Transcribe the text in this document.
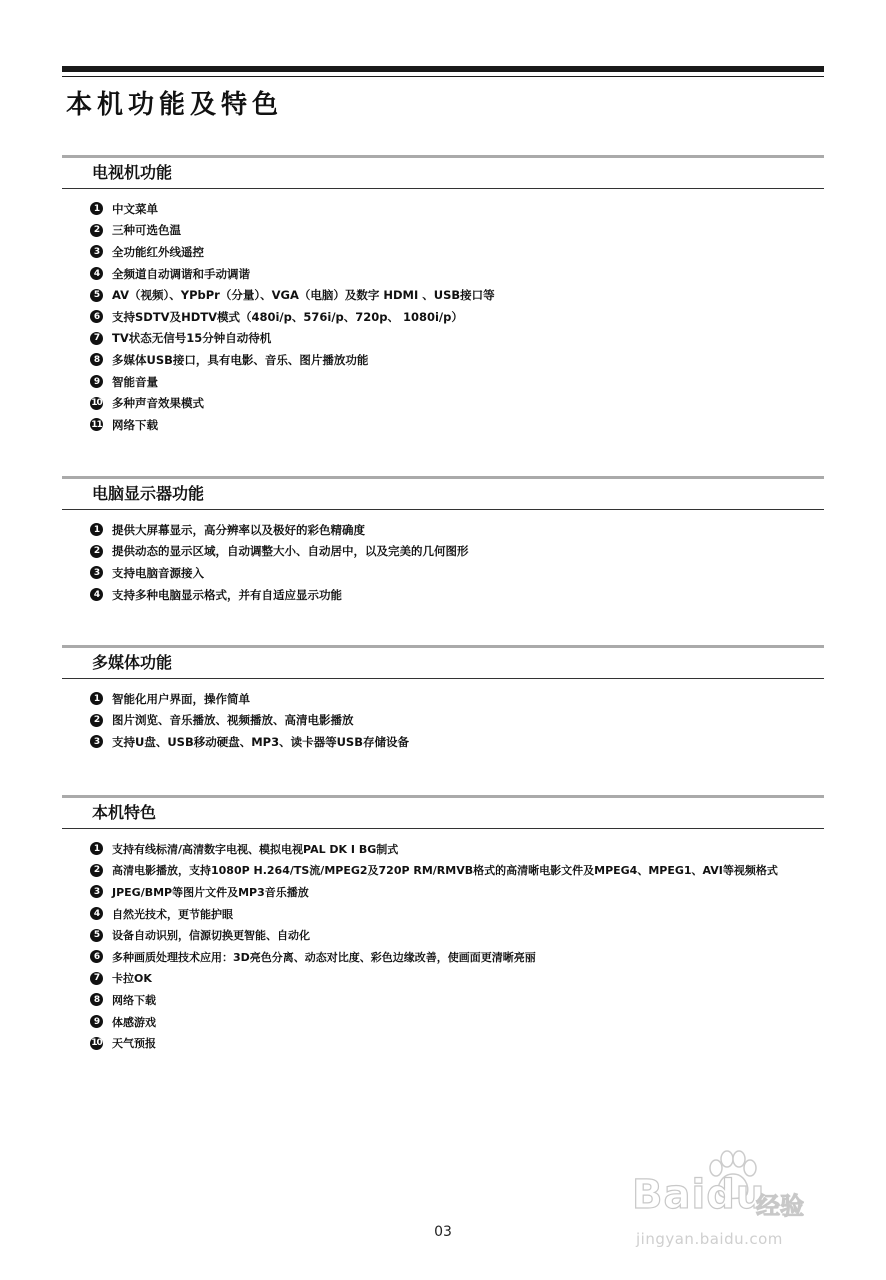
本机功能及特色
电视机功能
1	中文菜单
2	三种可选色温
3	全功能红外线遥控
4	全频道自动调谐和手动调谐
5	AV（视频）、YPbPr（分量）、VGA（电脑）及数字 HDMI 、USB接口等
6	支持SDTV及HDTV模式（480i/p、576i/p、720p、 1080i/p）
7	TV状态无信号15分钟自动待机
8	多媒体USB接口，具有电影、音乐、图片播放功能
9	智能音量
10 多种声音效果模式
11 网络下载
电脑显示器功能
1	提供大屏幕显示，高分辨率以及极好的彩色精确度
2	提供动态的显示区域，自动调整大小、自动居中，以及完美的几何图形
3	支持电脑音源接入
4	支持多种电脑显示格式，并有自适应显示功能
多媒体功能
1	智能化用户界面，操作简单
2	图片浏览、音乐播放、视频播放、高清电影播放
3	支持U盘、USB移动硬盘、MP3、读卡器等USB存储设备
本机特色
1	支持有线标清/高清数字电视、模拟电视PAL DK I BG制式
2	高清电影播放，支持1080P H.264/TS流/MPEG2及720P RM/RMVB格式的高清晰电影文件及MPEG4、MPEG1、AVI等视频格式
3	JPEG/BMP等图片文件及MP3音乐播放
4	自然光技术，更节能护眼
5	设备自动识别，信源切换更智能、自动化
6	多种画质处理技术应用：3D亮色分离、动态对比度、彩色边缘改善，使画面更清晰亮丽
7	卡拉OK
8	网络下载
9	体感游戏
10 天气预报
03
Baidu
经验
jingyan.baidu.com
